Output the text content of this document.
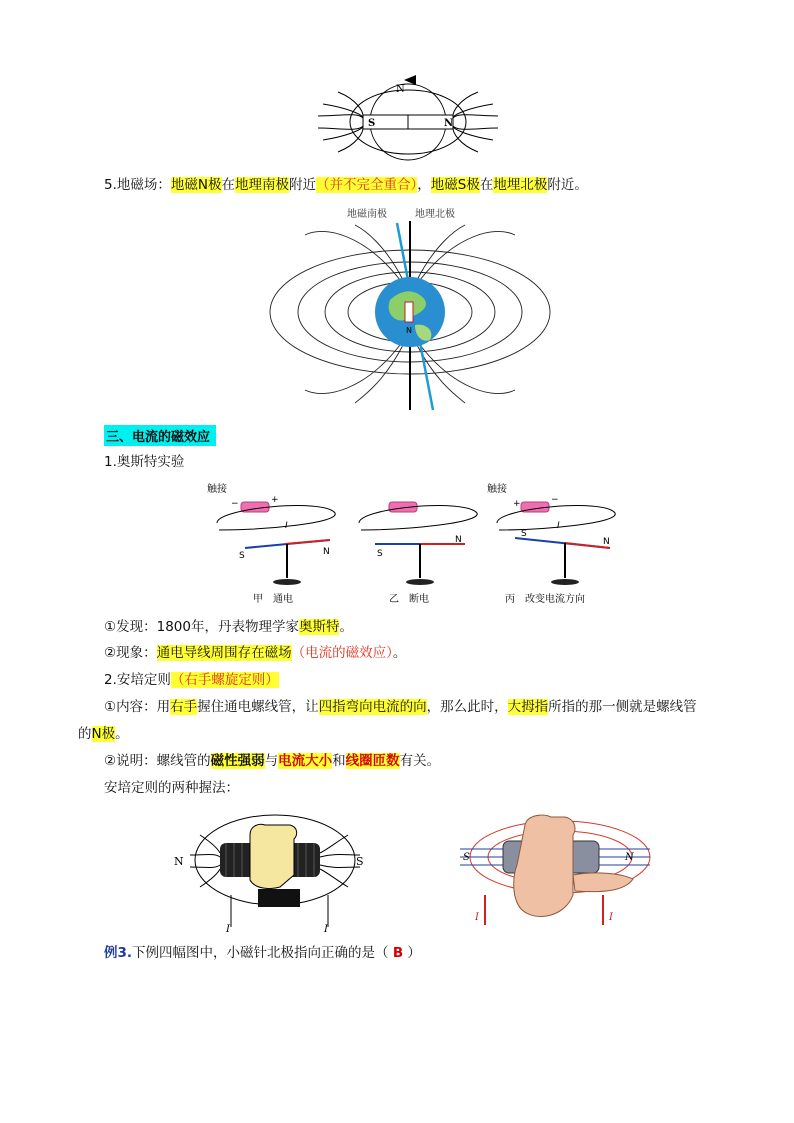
S	N
N
5.地磁场：地磁N极在地理南极附近（并不完全重合），地磁S极在地埋北极附近。
地磁南极	地理北极
N
三、电流的磁效应
1.奥斯特实验
触接
−	+
I
S	N
甲　通电
S
N
乙　断电
触接
+	−
I
S
N
丙　改变电流方向
①发现：1800年，丹表物理学家奥斯特。
②现象：通电导线周围存在磁场（电流的磁效应）。
2.安培定则（右手螺旋定则）
①内容：用右手握住通电螺线管，让四指弯向电流的向，那么此时，大拇指所指的那一侧就是螺线管
的N极。
②说明：螺线管的磁性强弱与电流大小和线圈匝数有关。
安培定则的两种握法：
N	S
I	I
S	N
I	I
例3.下例四幅图中，小磁针北极指向正确的是（ B ）
